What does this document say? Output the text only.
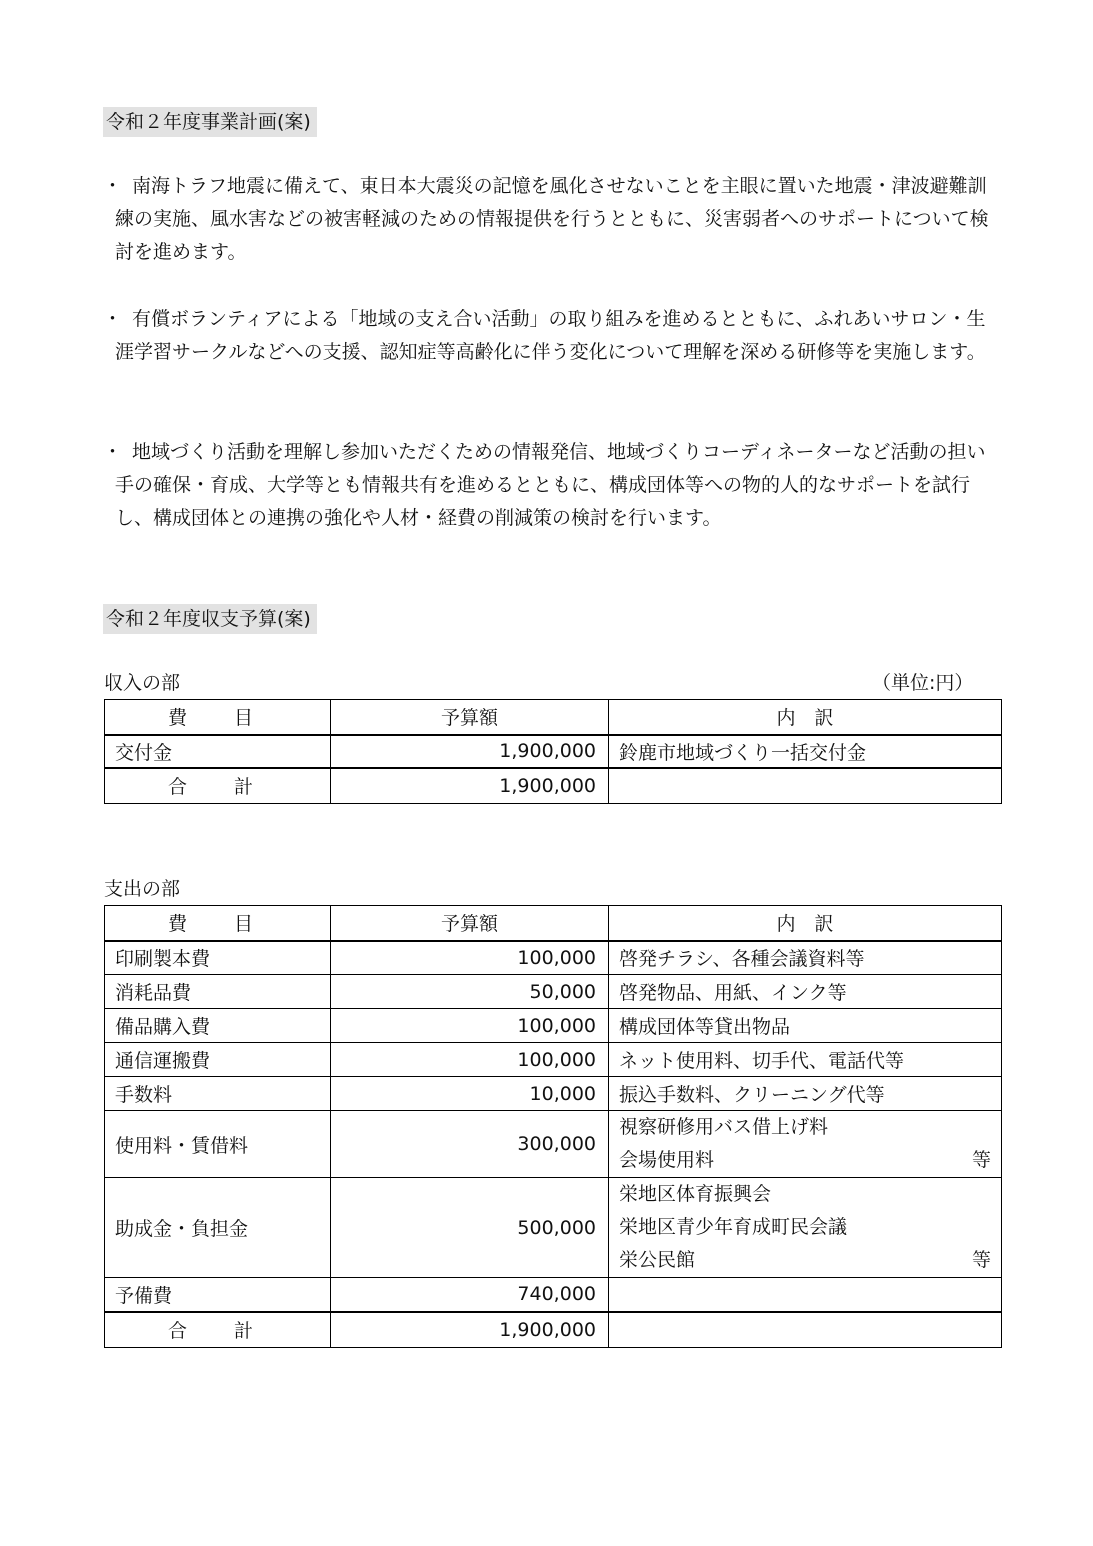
令和２年度事業計画(案)
・ 南海トラフ地震に備えて、東日本大震災の記憶を風化させないことを主眼に置いた地震・津波避難訓練の実施、風水害などの被害軽減のための情報提供を行うとともに、災害弱者へのサポートについて検討を進めます。
・ 有償ボランティアによる「地域の支え合い活動」の取り組みを進めるとともに、ふれあいサロン・生涯学習サークルなどへの支援、認知症等高齢化に伴う変化について理解を深める研修等を実施します。
・ 地域づくり活動を理解し参加いただくための情報発信、地域づくりコーディネーターなど活動の担い手の確保・育成、大学等とも情報共有を進めるとともに、構成団体等への物的人的なサポートを試行し、構成団体との連携の強化や人材・経費の削減策の検討を行います。
令和２年度収支予算(案)
収入の部	（単位:円）
費　目	予算額	内　訳
交付金	1,900,000	鈴鹿市地域づくり一括交付金
合　計	1,900,000	
支出の部
費　目	予算額	内　訳
印刷製本費	100,000	啓発チラシ、各種会議資料等
消耗品費	50,000	啓発物品、用紙、インク等
備品購入費	100,000	構成団体等貸出物品
通信運搬費	100,000	ネット使用料、切手代、電話代等
手数料	10,000	振込手数料、クリーニング代等
使用料・賃借料	300,000	視察研修用バス借上げ料
会場使用料 等

助成金・負担金	500,000	栄地区体育振興会
栄地区青少年育成町民会議
栄公民館 等

予備費	740,000	
合　計	1,900,000	
